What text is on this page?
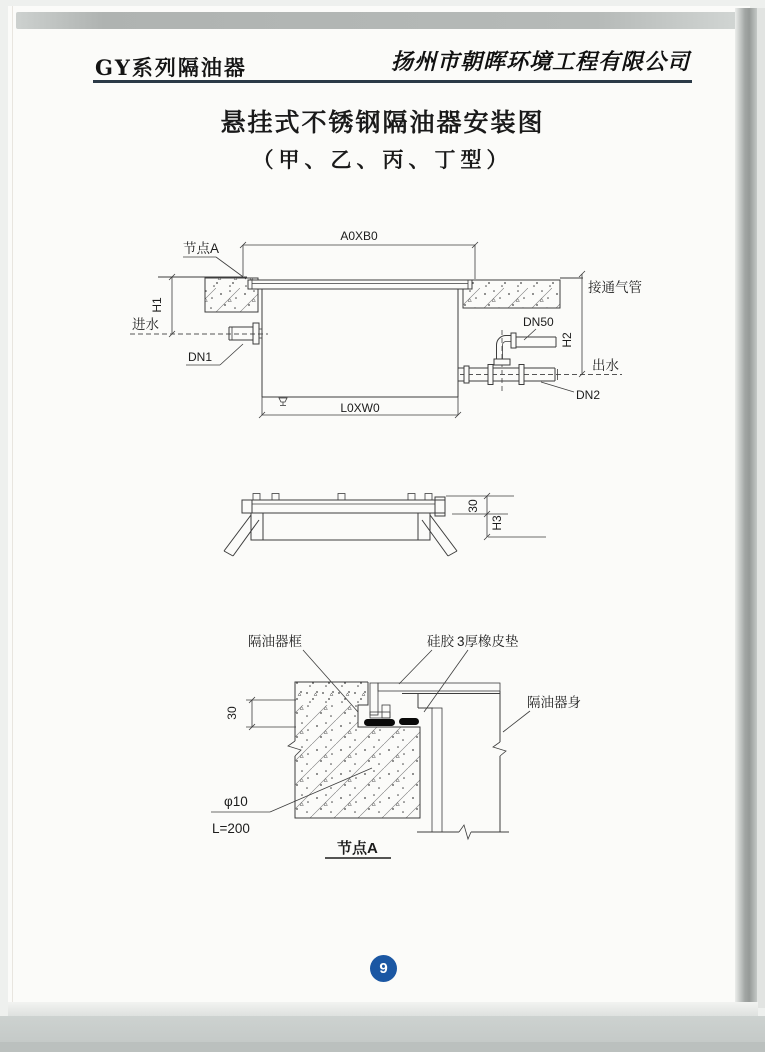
GY系列隔油器	扬州市朝晖环境工程有限公司
悬挂式不锈钢隔油器安装图
（甲、乙、丙、丁型）
A0XB0
节点A
H1
进水
DN1
L0XW0
DN50
DN2
出水
H2
接通气管
30
H3
隔油器框	硅胶 3厚橡皮垫
隔油器身
30
φ10
L=200
节点A
9
